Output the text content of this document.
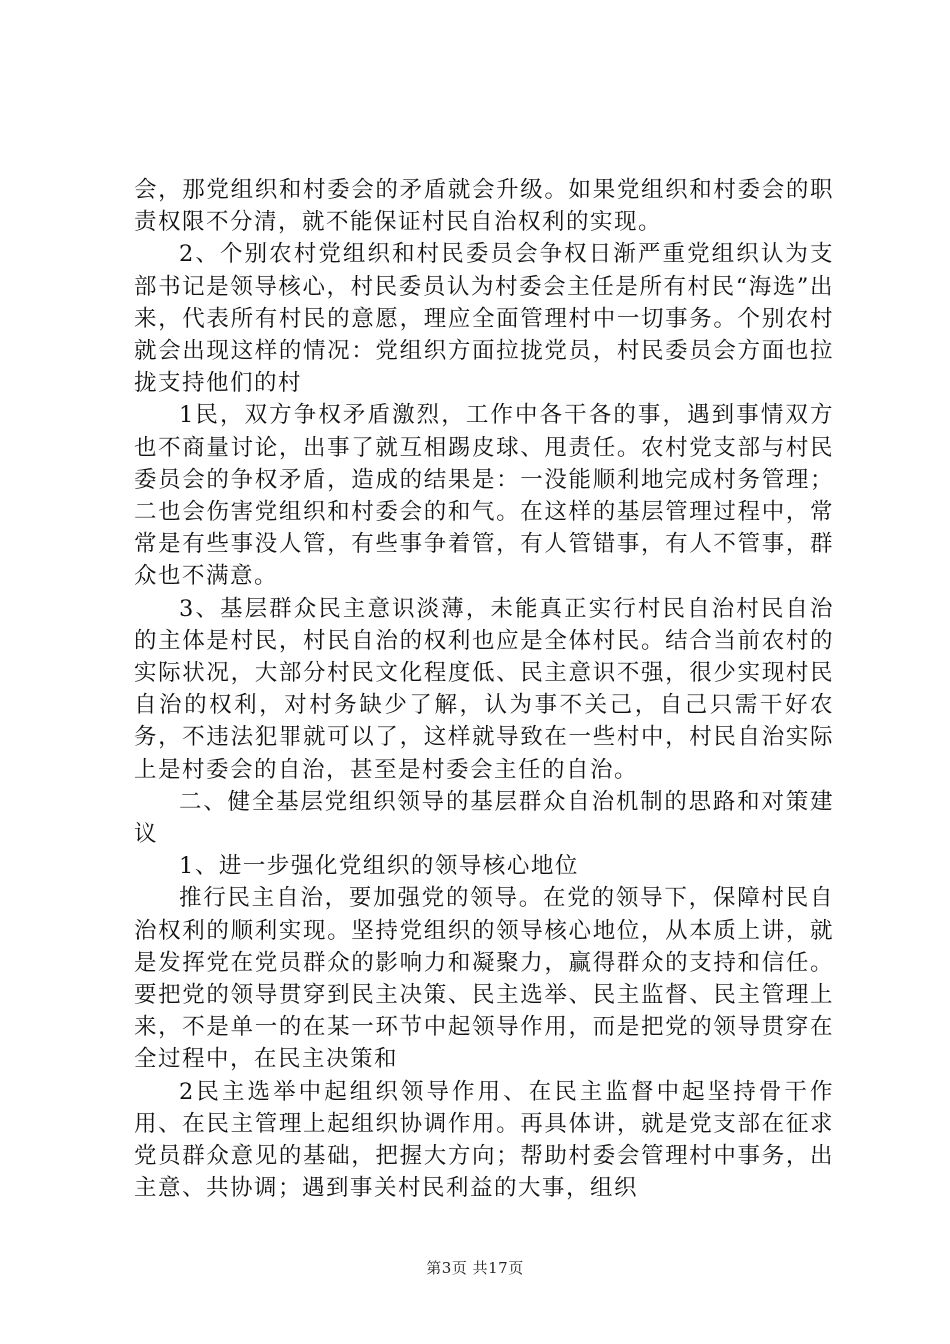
会，那党组织和村委会的矛盾就会升级。如果党组织和村委会的职责权限不分清，就不能保证村民自治权利的实现。

2、个别农村党组织和村民委员会争权日渐严重党组织认为支部书记是领导核心，村民委员认为村委会主任是所有村民“海选”出来，代表所有村民的意愿，理应全面管理村中一切事务。个别农村就会出现这样的情况：党组织方面拉拢党员，村民委员会方面也拉拢支持他们的村

1民，双方争权矛盾激烈，工作中各干各的事，遇到事情双方也不商量讨论，出事了就互相踢皮球、甩责任。农村党支部与村民委员会的争权矛盾，造成的结果是：一没能顺利地完成村务管理；二也会伤害党组织和村委会的和气。在这样的基层管理过程中，常常是有些事没人管，有些事争着管，有人管错事，有人不管事，群众也不满意。

3、基层群众民主意识淡薄，未能真正实行村民自治村民自治的主体是村民，村民自治的权利也应是全体村民。结合当前农村的实际状况，大部分村民文化程度低、民主意识不强，很少实现村民自治的权利，对村务缺少了解，认为事不关己，自己只需干好农务，不违法犯罪就可以了，这样就导致在一些村中，村民自治实际上是村委会的自治，甚至是村委会主任的自治。

二、健全基层党组织领导的基层群众自治机制的思路和对策建议

1、进一步强化党组织的领导核心地位

推行民主自治，要加强党的领导。在党的领导下，保障村民自治权利的顺利实现。坚持党组织的领导核心地位，从本质上讲，就是发挥党在党员群众的影响力和凝聚力，赢得群众的支持和信任。要把党的领导贯穿到民主决策、民主选举、民主监督、民主管理上来，不是单一的在某一环节中起领导作用，而是把党的领导贯穿在全过程中，在民主决策和

2民主选举中起组织领导作用、在民主监督中起坚持骨干作用、在民主管理上起组织协调作用。再具体讲，就是党支部在征求党员群众意见的基础，把握大方向；帮助村委会管理村中事务，出主意、共协调；遇到事关村民利益的大事，组织

第3页 共17页
